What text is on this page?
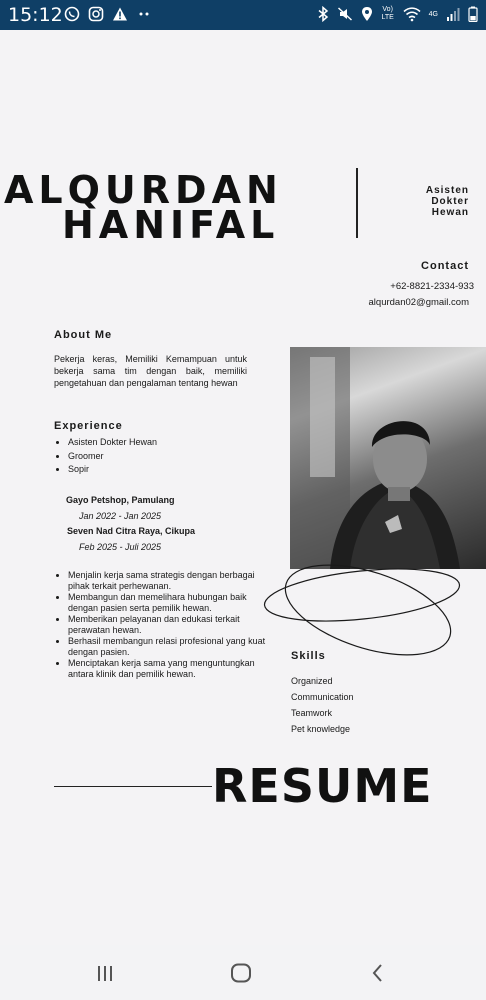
15:12	Vo) LTE	4G
ALQURDAN
HANIFAL
Asisten
Dokter
Hewan
Contact
+62-8821-2334-933
alqurdan02@gmail.com
About Me
Pekerja keras, Memiliki Kemampuan untuk bekerja sama tim dengan baik, memiliki pengetahuan dan pengalaman tentang hewan
Experience
• Asisten Dokter Hewan
• Groomer
• Sopir
Gayo Petshop, Pamulang
Jan 2022 - Jan 2025
Seven Nad Citra Raya, Cikupa
Feb 2025 - Juli 2025
• Menjalin kerja sama strategis dengan berbagai pihak terkait perhewanan.
• Membangun dan memelihara hubungan baik dengan pasien serta pemilik hewan.
• Memberikan pelayanan dan edukasi terkait perawatan hewan.
• Berhasil membangun relasi profesional yang kuat dengan pasien.
• Menciptakan kerja sama yang menguntungkan antara klinik dan pemilik hewan.
Skills
Organized
Communication
Teamwork
Pet knowledge
RESUME
